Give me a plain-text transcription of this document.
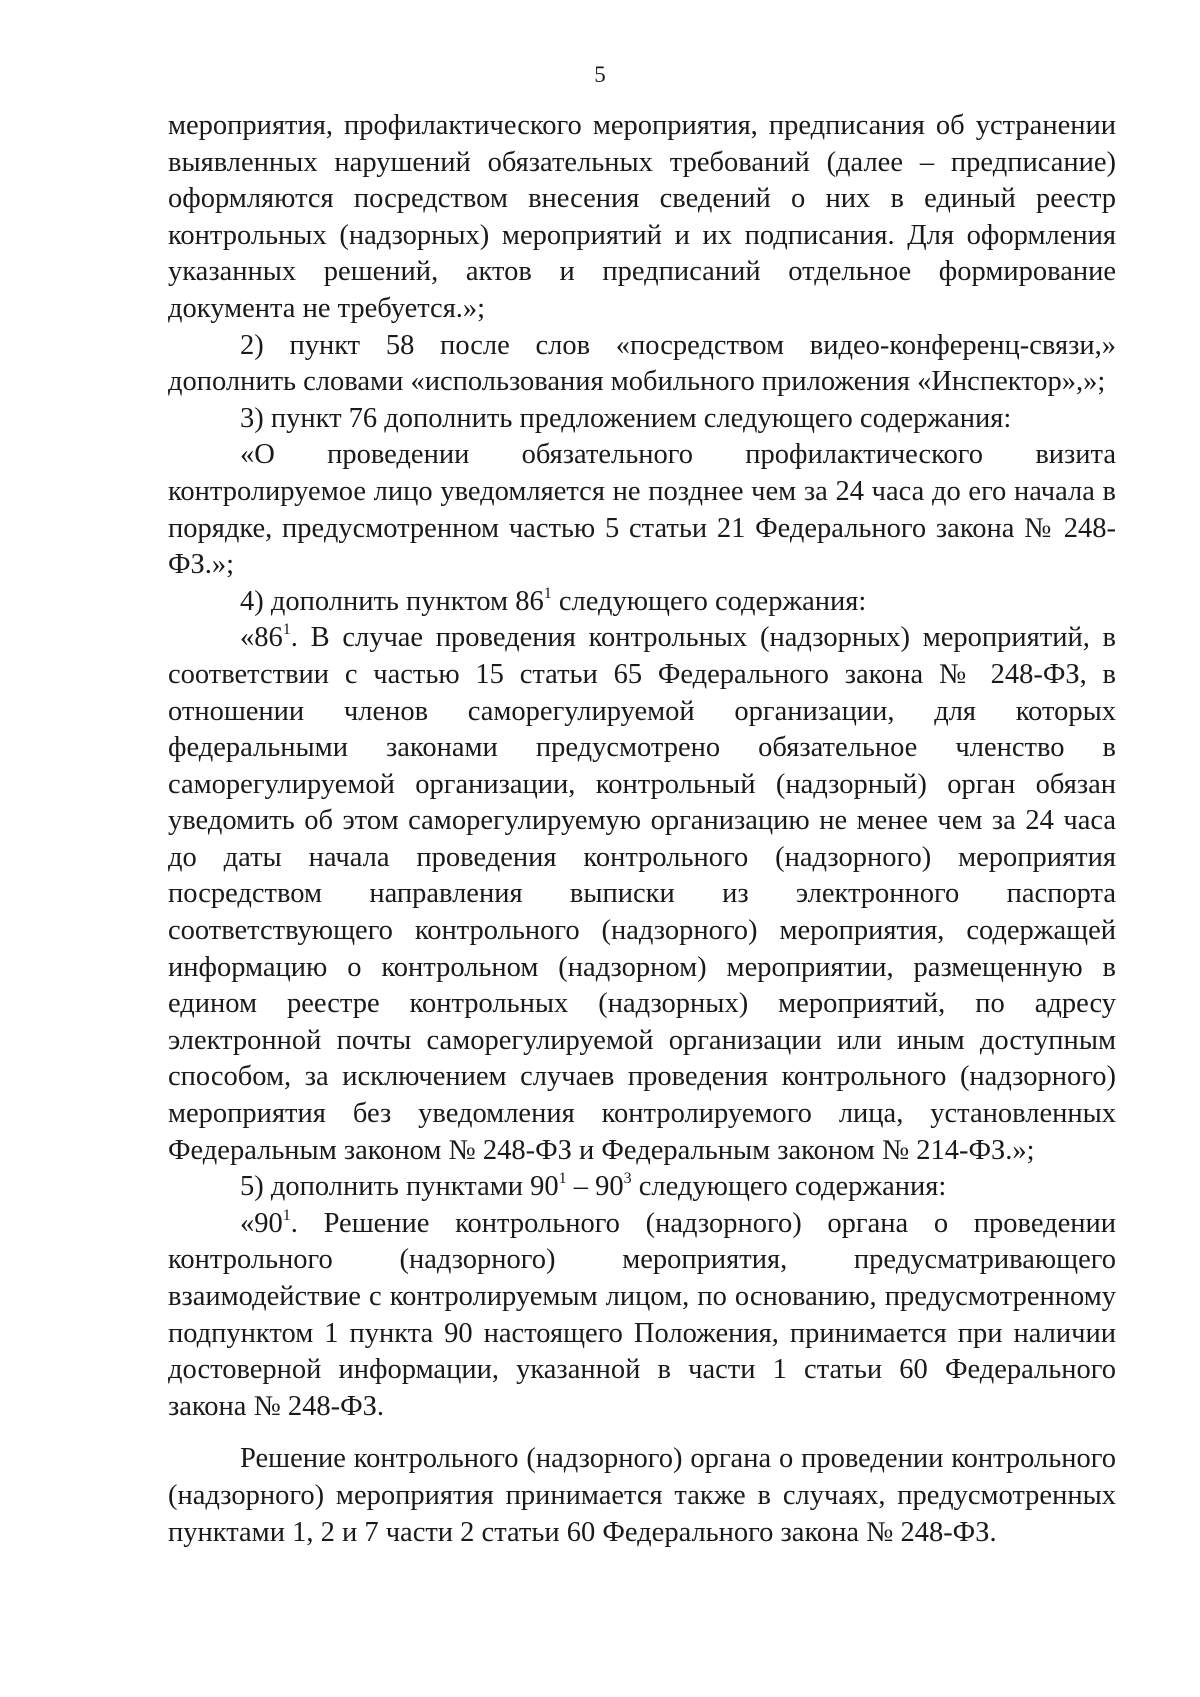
5

мероприятия, профилактического мероприятия, предписания об устранении выявленных нарушений обязательных требований (далее – предписание) оформляются посредством внесения сведений о них в единый реестр контрольных (надзорных) мероприятий и их подписания. Для оформления указанных решений, актов и предписаний отдельное формирование документа не требуется.»;

2) пункт 58 после слов «посредством видео-конференц-связи,» дополнить словами «использования мобильного приложения «Инспектор»,»;

3) пункт 76 дополнить предложением следующего содержания:

«О проведении обязательного профилактического визита контролируемое лицо уведомляется не позднее чем за 24 часа до его начала в порядке, предусмотренном частью 5 статьи 21 Федерального закона № 248-ФЗ.»;

4) дополнить пунктом $86^1$ следующего содержания:

«$86^1$. В случае проведения контрольных (надзорных) мероприятий, в соответствии с частью 15 статьи 65 Федерального закона № 248-ФЗ, в отношении членов саморегулируемой организации, для которых федеральными законами предусмотрено обязательное членство в саморегулируемой организации, контрольный (надзорный) орган обязан уведомить об этом саморегулируемую организацию не менее чем за 24 часа до даты начала проведения контрольного (надзорного) мероприятия посредством направления выписки из электронного паспорта соответствующего контрольного (надзорного) мероприятия, содержащей информацию о контрольном (надзорном) мероприятии, размещенную в едином реестре контрольных (надзорных) мероприятий, по адресу электронной почты саморегулируемой организации или иным доступным способом, за исключением случаев проведения контрольного (надзорного) мероприятия без уведомления контролируемого лица, установленных Федеральным законом № 248-ФЗ и Федеральным законом № 214-ФЗ.»;

5) дополнить пунктами $90^1 - 90^3$ следующего содержания:

«$90^1$. Решение контрольного (надзорного) органа о проведении контрольного (надзорного) мероприятия, предусматривающего взаимодействие с контролируемым лицом, по основанию, предусмотренному подпунктом 1 пункта 90 настоящего Положения, принимается при наличии достоверной информации, указанной в части 1 статьи 60 Федерального закона № 248-ФЗ.

Решение контрольного (надзорного) органа о проведении контрольного (надзорного) мероприятия принимается также в случаях, предусмотренных пунктами 1, 2 и 7 части 2 статьи 60 Федерального закона № 248-ФЗ.
